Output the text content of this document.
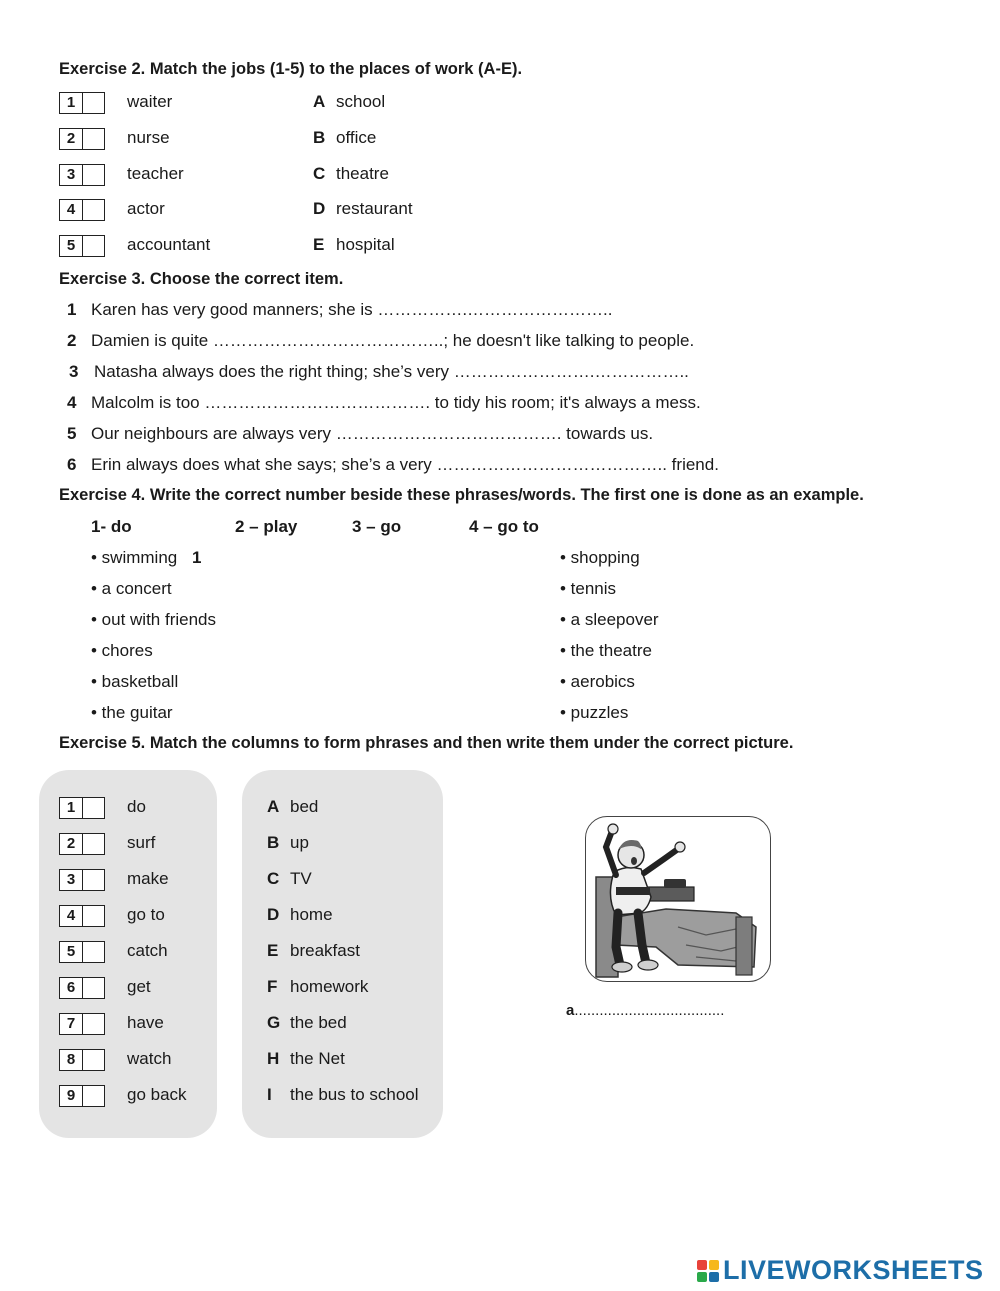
Exercise 2. Match the jobs (1-5) to the places of work (A-E).
1	waiter	A school
2	nurse	B office
3	teacher	C theatre
4	actor	D restaurant
5	accountant	E hospital
Exercise 3. Choose the correct item.
1 Karen has very good manners; she is …………….……………………..
2 Damien is quite …………………………………..; he doesn't like talking to people.
3 Natasha always does the right thing; she’s very …………………….……………..
4 Malcolm is too …………………………………. to tidy his room; it's always a mess.
5 Our neighbours are always very …………………………………. towards us.
6 Erin always does what she says; she’s a very ………………………………….. friend.
Exercise 4. Write the correct number beside these phrases/words. The first one is done as an example.
1- do	2 – play	3 – go	4 – go to
• swimming	• shopping
• a concert	• tennis
• out with friends	• a sleepover
• chores	• the theatre
• basketball	• aerobics
• the guitar	• puzzles
1
Exercise 5. Match the columns to form phrases and then write them under the correct picture.
1	do	A bed
2	surf	B up
3	make	C TV
4	go to	D home
5	catch	E breakfast
6	get	F homework
7	have	G the bed
8	watch	H the Net
9	go back	I the bus to school
a....................................
LIVEWORKSHEETS
